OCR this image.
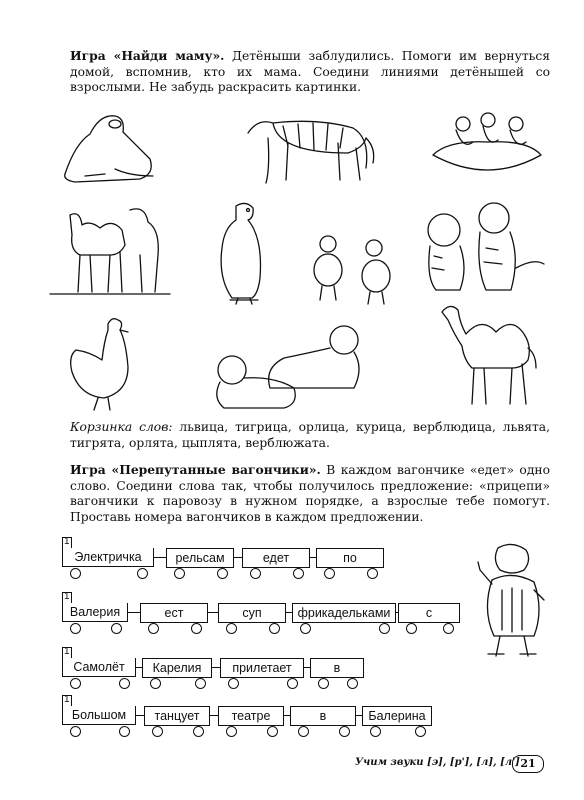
Игра «Найди маму». Детёныши заблудились. Помоги им вернуться домой, вспомнив, кто их мама. Соедини линиями детёнышей со взрослыми. Не забудь раскрасить картинки.
Корзинка слов: львица, тигрица, орлица, курица, верблюдица, львята, тигрята, орлята, цыплята, верблюжата.
Игра «Перепутанные вагончики». В каждом вагончике «едет» одно слово. Соедини слова так, чтобы получилось предложение: «прицепи» вагончики к паровозу в нужном порядке, а взрослые тебе помогут. Проставь номера вагончиков в каждом предложении.
1
Электричка	рельсам	едет	по
1
Валерия	ест	суп	фрикадельками	с
1
Самолёт	Карелия	прилетает	в
1
Большом	танцует	театре	в	Балерина
Учим звуки [э], [р'], [л], [л'] 21
